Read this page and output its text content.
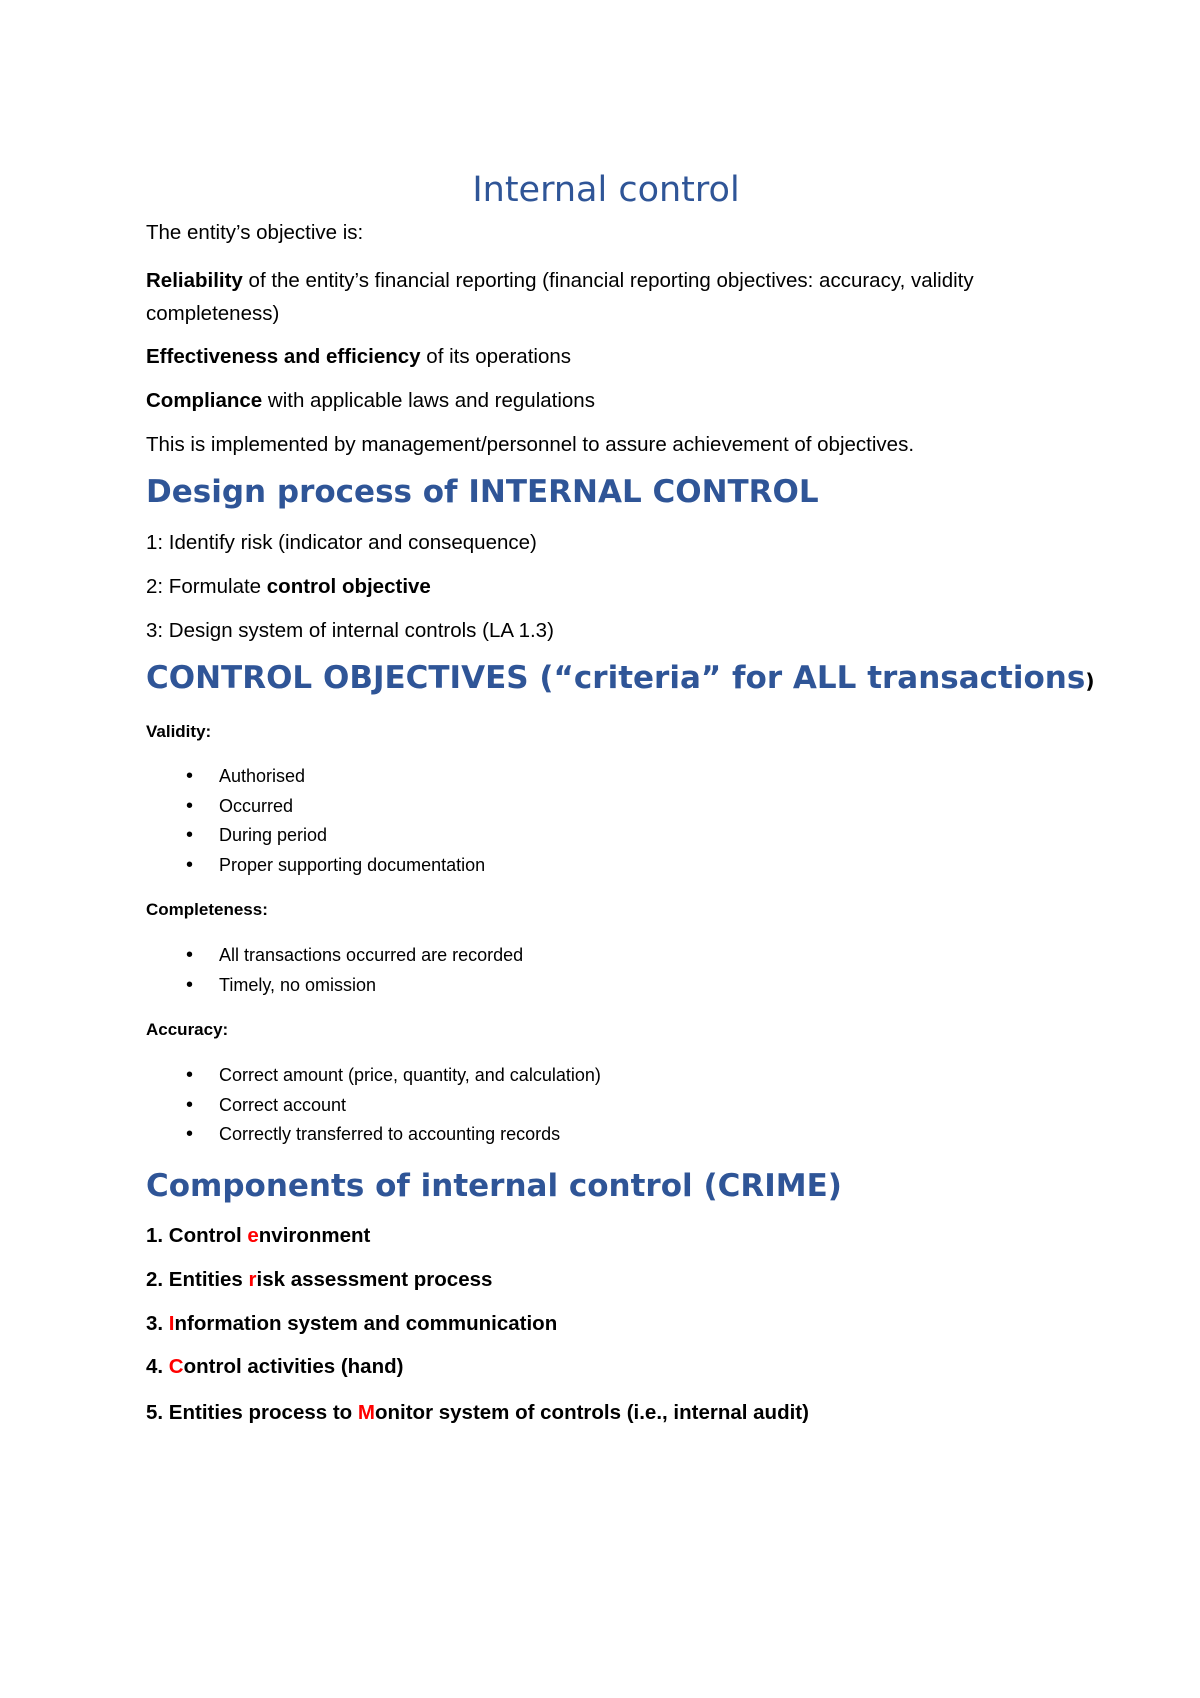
Internal control

The entity’s objective is:

Reliability of the entity’s financial reporting (financial reporting objectives: accuracy, validity completeness)

Effectiveness and efficiency of its operations

Compliance with applicable laws and regulations

This is implemented by management/personnel to assure achievement of objectives.

Design process of INTERNAL CONTROL

1: Identify risk (indicator and consequence)

2: Formulate control objective

3: Design system of internal controls (LA 1.3)

CONTROL OBJECTIVES (“criteria” for ALL transactions)
Validity:
• Authorised
• Occurred
• During period
• Proper supporting documentation
Completeness:
• All transactions occurred are recorded
• Timely, no omission
Accuracy:
• Correct amount (price, quantity, and calculation)
• Correct account
• Correctly transferred to accounting records
Components of internal control (CRIME)
1. Control environment
2. Entities risk assessment process
3. Information system and communication
4. Control activities (hand)
5. Entities process to Monitor system of controls (i.e., internal audit)
